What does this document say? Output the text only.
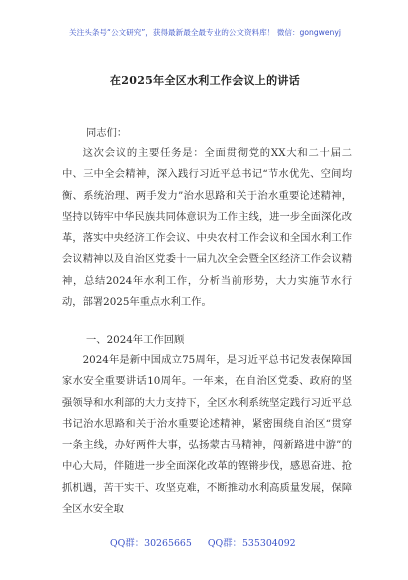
关注头条号“公文研究”，获得最新最全最专业的公文资料库！ 微信：gongwenyj
在2025年全区水利工作会议上的讲话
同志们：

这次会议的主要任务是：全面贯彻党的XX大和二十届二中、三中全会精神，深入践行习近平总书记“节水优先、空间均衡、系统治理、两手发力”治水思路和关于治水重要论述精神，坚持以铸牢中华民族共同体意识为工作主线，进一步全面深化改革，落实中央经济工作会议、中央农村工作会议和全国水利工作会议精神以及自治区党委十一届九次全会暨全区经济工作会议精神，总结2024年水利工作，分析当前形势，大力实施节水行动，部署2025年重点水利工作。

一、2024年工作回顾

2024年是新中国成立75周年，是习近平总书记发表保障国家水安全重要讲话10周年。一年来，在自治区党委、政府的坚强领导和水利部的大力支持下，全区水利系统坚定践行习近平总书记治水思路和关于治水重要论述精神，紧密围绕自治区“贯穿一条主线，办好两件大事，弘扬蒙古马精神，闯新路进中游”的中心大局，伴随进一步全面深化改革的铿锵步伐，感恩奋进、抢抓机遇，苦干实干、攻坚克难，不断推动水利高质量发展，保障全区水安全取

QQ群：30265665 QQ群：535304092
